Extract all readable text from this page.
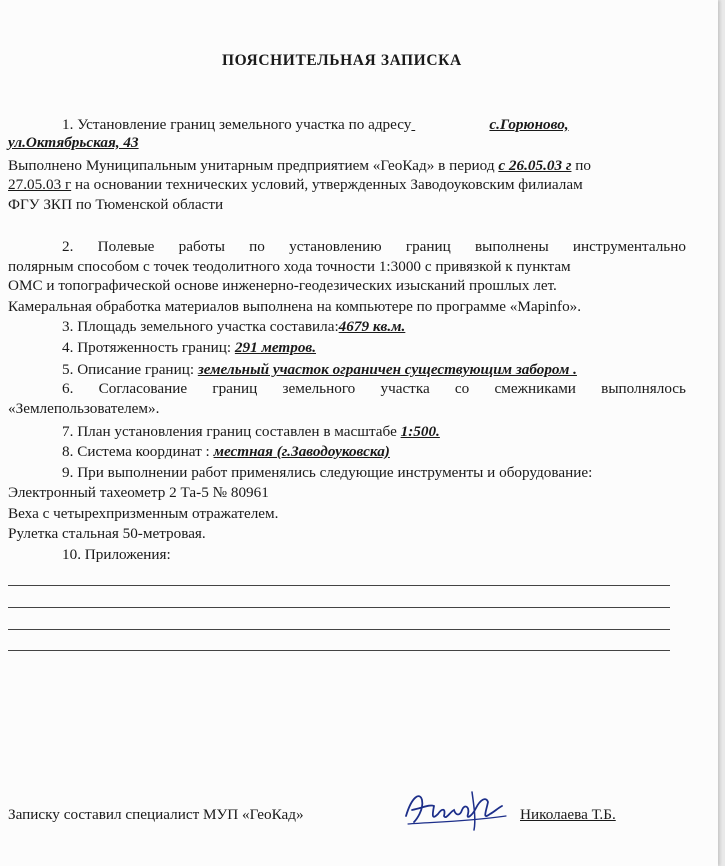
ПОЯСНИТЕЛЬНАЯ ЗАПИСКА
1. Установление границ земельного участка по адресу	с.Горюново,
ул.Октябрьская, 43
Выполнено Муниципальным унитарным предприятием «ГеоКад» в период с 26.05.03 г по
27.05.03 г на основании технических условий, утвержденных Заводоуковским филиалам
ФГУ ЗКП по Тюменской области
2. Полевые работы по установлению границ выполнены инструментально
полярным способом с точек теодолитного хода точности 1:3000 с привязкой к пунктам
ОМС и топографической основе инженерно-геодезических изысканий прошлых лет.
Камеральная обработка материалов выполнена на компьютере по программе «Mapinfo».
3. Площадь земельного участка составила:4679 кв.м.
4. Протяженность границ: 291 метров.
5. Описание границ: земельный участок ограничен существующим забором .
6. Согласование границ земельного участка со смежниками выполнялось
«Землепользователем».
7. План установления границ составлен в масштабе 1:500.
8. Система координат : местная (г.Заводоуковска)
9. При выполнении работ применялись следующие инструменты и оборудование:
Электронный тахеометр 2 Та-5 № 80961
Веха с четырехпризменным отражателем.
Рулетка стальная 50-метровая.
10. Приложения:
Записку составил специалист МУП «ГеоКад»	Николаева Т.Б.
